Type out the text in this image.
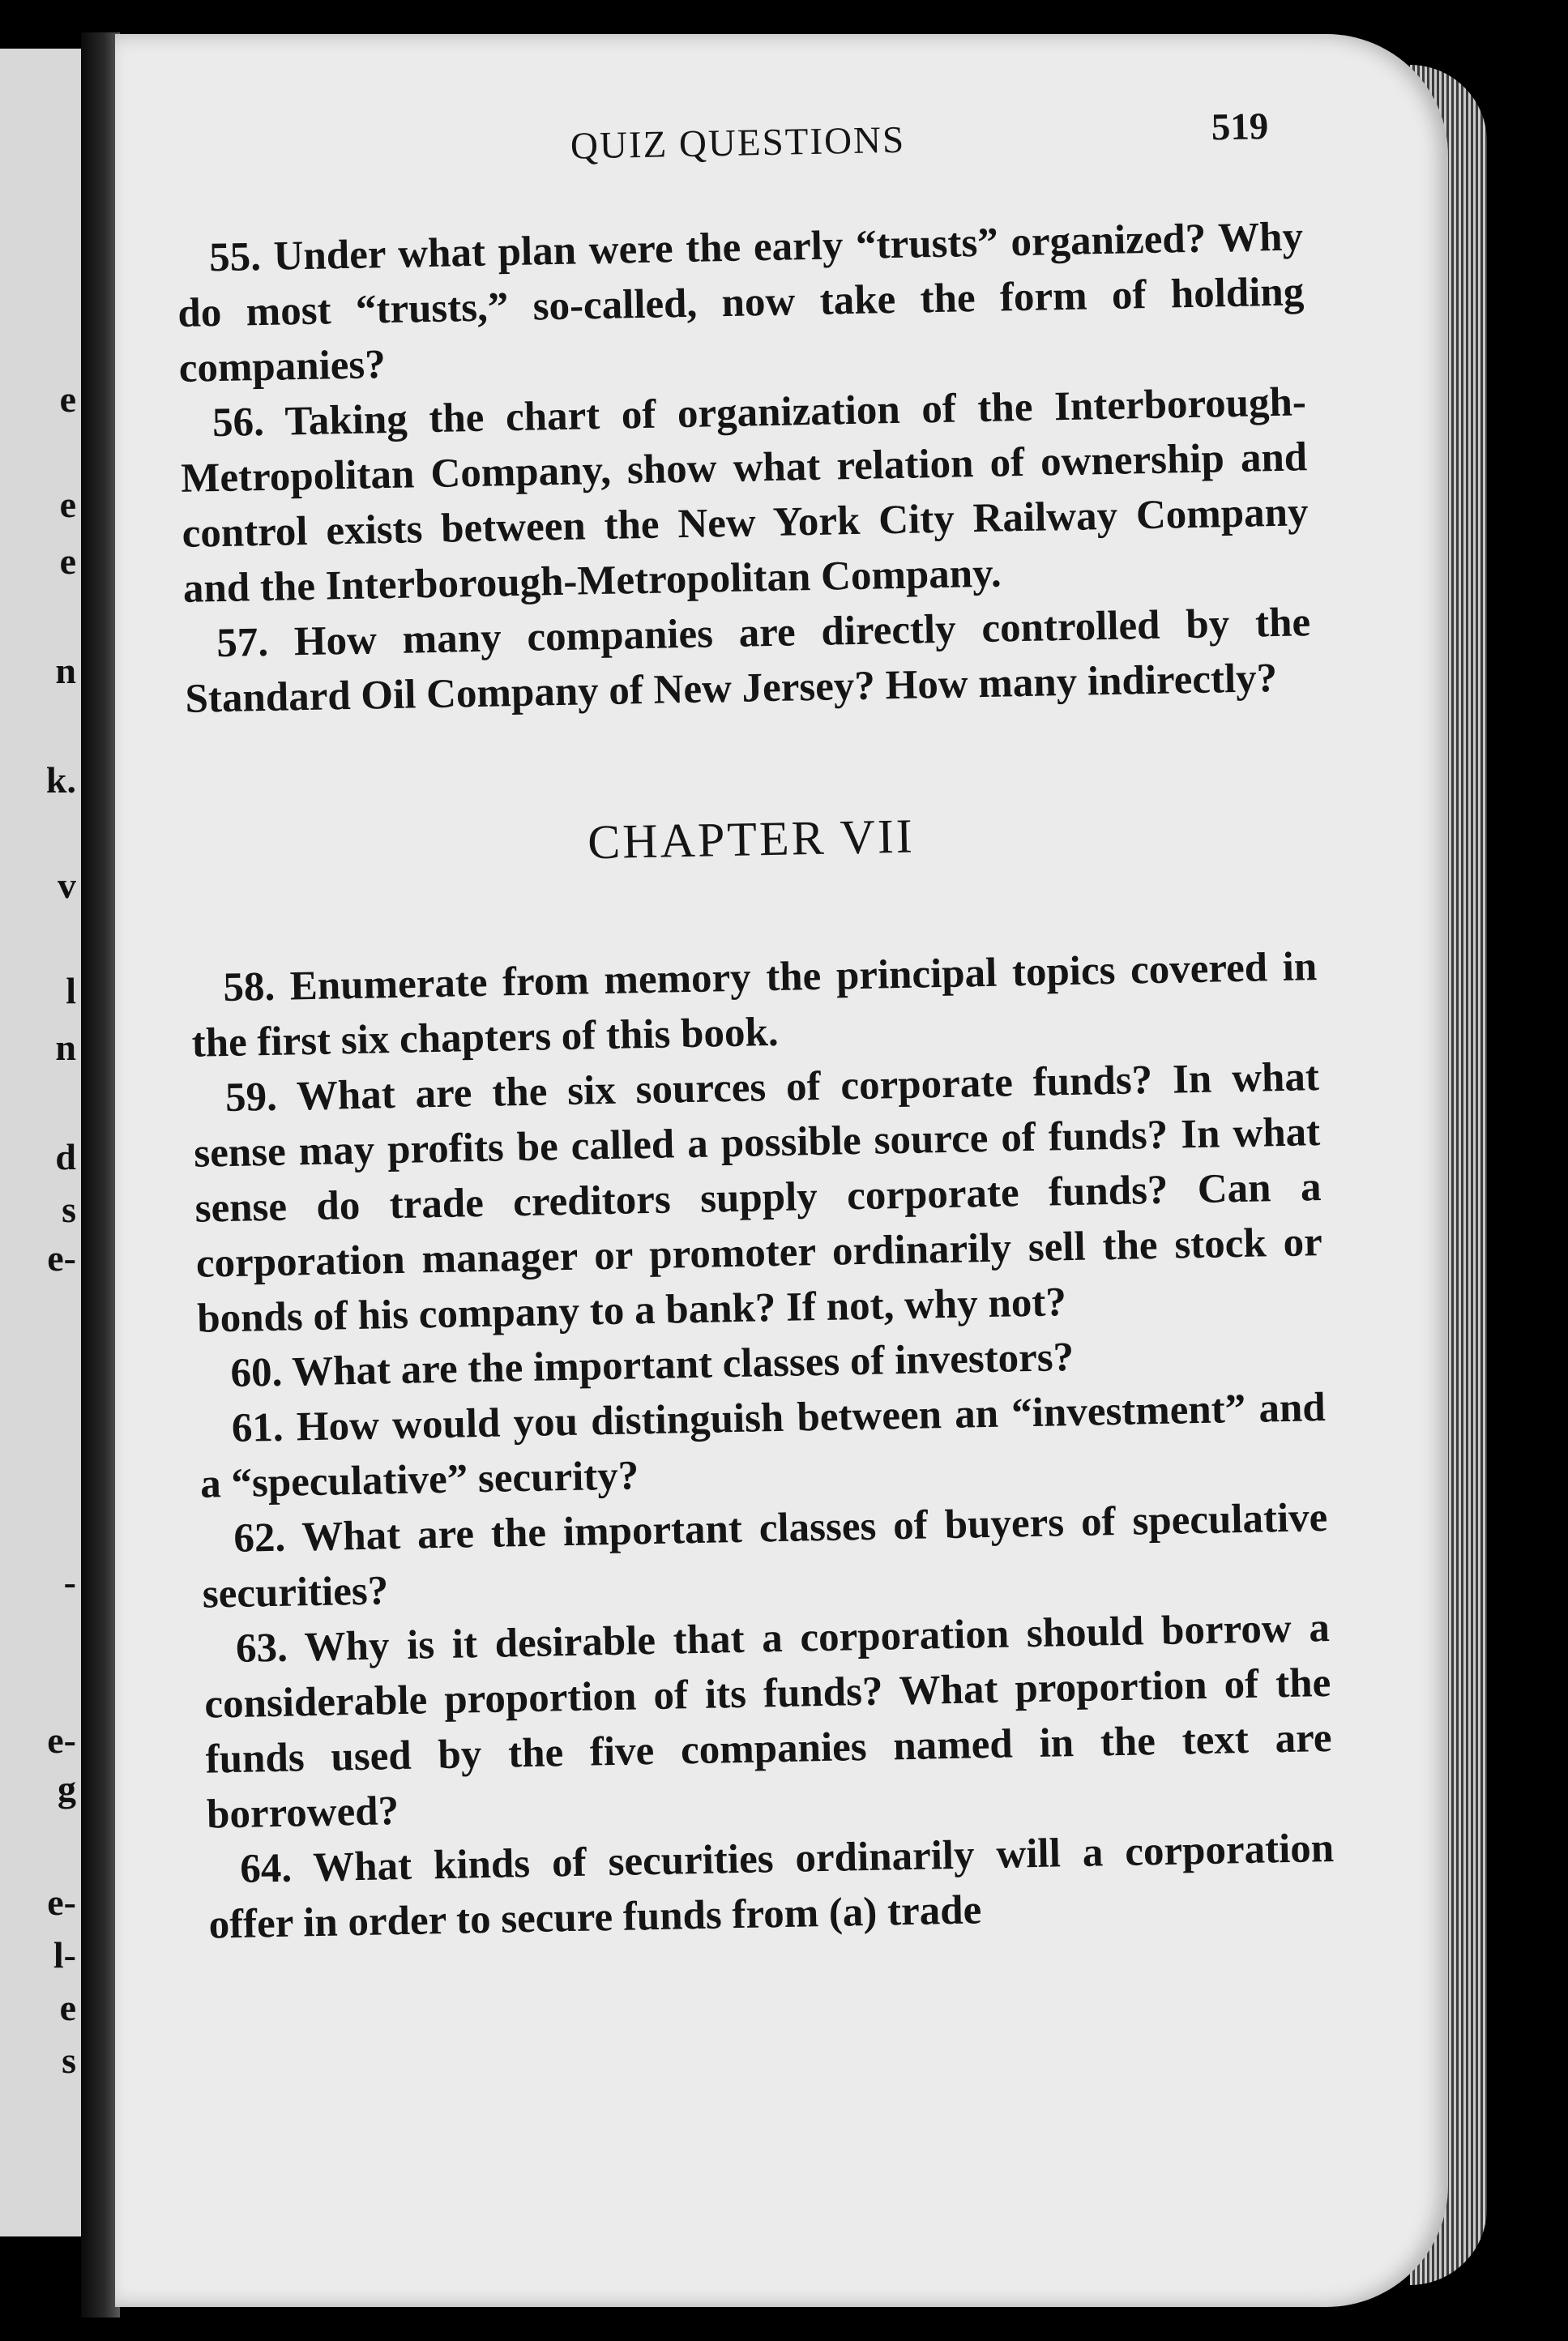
e
e
e
n
k.
v
l
n
d
s
e-
-
e-
g
e-
l-
e
s
QUIZ QUESTIONS	519

55. Under what plan were the early “trusts” organized? Why do most “trusts,” so-called, now take the form of holding companies?

56. Taking the chart of organization of the Interborough-Metropolitan Company, show what relation of ownership and control exists between the New York City Railway Company and the Interborough-Metropolitan Company.

57. How many companies are directly controlled by the Standard Oil Company of New Jersey? How many indirectly?

CHAPTER VII

58. Enumerate from memory the principal topics covered in the first six chapters of this book.

59. What are the six sources of corporate funds? In what sense may profits be called a possible source of funds? In what sense do trade creditors supply corporate funds? Can a corporation manager or promoter ordinarily sell the stock or bonds of his company to a bank? If not, why not?

60. What are the important classes of investors?

61. How would you distinguish between an “investment” and a “speculative” security?

62. What are the important classes of buyers of speculative securities?

63. Why is it desirable that a corporation should borrow a considerable proportion of its funds? What proportion of the funds used by the five companies named in the text are borrowed?

64. What kinds of securities ordinarily will a corporation offer in order to secure funds from (a) trade
